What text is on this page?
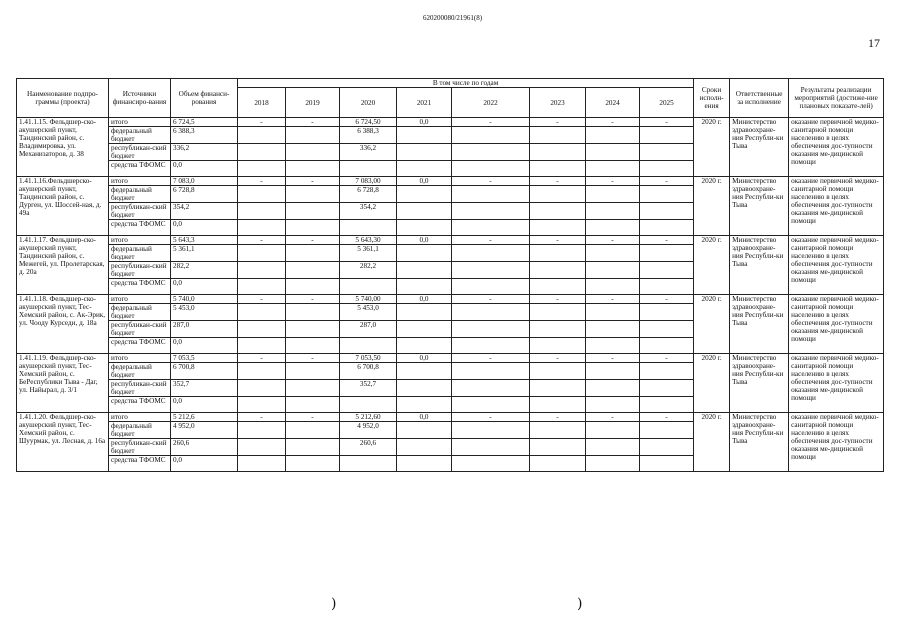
620200080/21961(8)
17
Наименование подпро-граммы (проекта)	Источники финансиро-вания	Объем финанси-рования	В том числе по годам								Сроки исполн-ения	Ответственные за исполнение	Результаты реализации мероприятий (достиже-ние плановых показате-лей)
			2018	2019	2020	2021	2022	2023	2024	2025			
1.41.1.15. Фельдшер-ско-акушерский пункт, Тандинский район, с. Владимировка, ул. Механизаторов, д. 38	итого	6 724,5	-	-	6 724,50	0,0	-	-	-	-	2020 г.	Министерство здравоохране-ния Республи-ки Тыва	оказание первичной медико-санитарной помощи населению в целях обеспечения дос-тупности оказания ме-дицинской помощи
	федеральный бюджет	6 388,3			6 388,3								

	республикан-ский бюджет	336,2			336,2								

	средства ТФОМС	0,0											
1.41.1.16.Фельдшерско-акушерский пункт, Тандинский район, с. Дурген, ул. Шоссей-ная, д. 49а	итого	7 083,0	-	-	7 083,00	0,0	-	-	-	-	2020 г.	Министерство здравоохране-ния Республи-ки Тыва	оказание первичной медико-санитарной помощи населению в целях обеспечения дос-тупности оказания ме-дицинской помощи
	федеральный бюджет	6 728,8			6 728,8								

	республикан-ский бюджет	354,2			354,2								

	средства ТФОМС	0,0											
1.41.1.17. Фельдшер-ско-акушерский пункт, Тандинский район, с. Межегей, ул. Пролетарская, д. 20а	итого	5 643,3	-	-	5 643,30	0,0	-	-	-	-	2020 г.	Министерство здравоохране-ния Республи-ки Тыва	оказание первичной медико-санитарной помощи населению в целях обеспечения дос-тупности оказания ме-дицинской помощи
	федеральный бюджет	5 361,1			5 361,1								

	республикан-ский бюджет	282,2			282,2								

	средства ТФОМС	0,0											
1.41.1.18. Фельдшер-ско-акушерский пункт, Тес-Хемский район, с. Ак-Эрик, ул. Чооду Курседи, д. 18а	итого	5 740,0	-	-	5 740,00	0,0	-	-	-	-	2020 г.	Министерство здравоохране-ния Республи-ки Тыва	оказание первичной медико-санитарной помощи населению в целях обеспечения дос-тупности оказания ме-дицинской помощи
	федеральный бюджет	5 453,0			5 453,0								

	республикан-ский бюджет	287,0			287,0								

	средства ТФОМС	0,0											
1.41.1.19. Фельдшер-ско-акушерский пункт, Тес-Хемский район, с. БеРеспублики Тыва - Даг, ул. Найырал, д. 3/1	итого	7 053,5	-	-	7 053,50	0,0	-	-	-	-	2020 г.	Министерство здравоохране-ния Республи-ки Тыва	оказание первичной медико-санитарной помощи населению в целях обеспечения дос-тупности оказания ме-дицинской помощи
	федеральный бюджет	6 700,8			6 700,8								

	республикан-ский бюджет	352,7			352,7								

	средства ТФОМС	0,0											
1.41.1.20. Фельдшер-ско-акушерский пункт, Тес-Хемский район, с. Шуурмак, ул. Лесная, д. 16а	итого	5 212,6	-	-	5 212,60	0,0	-	-	-	-	2020 г.	Министерство здравоохране-ния Республи-ки Тыва	оказание первичной медико-санитарной помощи населению в целях обеспечения дос-тупности оказания ме-дицинской помощи
	федеральный бюджет	4 952,0			4 952,0								

	республикан-ский бюджет	260,6			260,6								

	средства ТФОМС	0,0											
)	)
